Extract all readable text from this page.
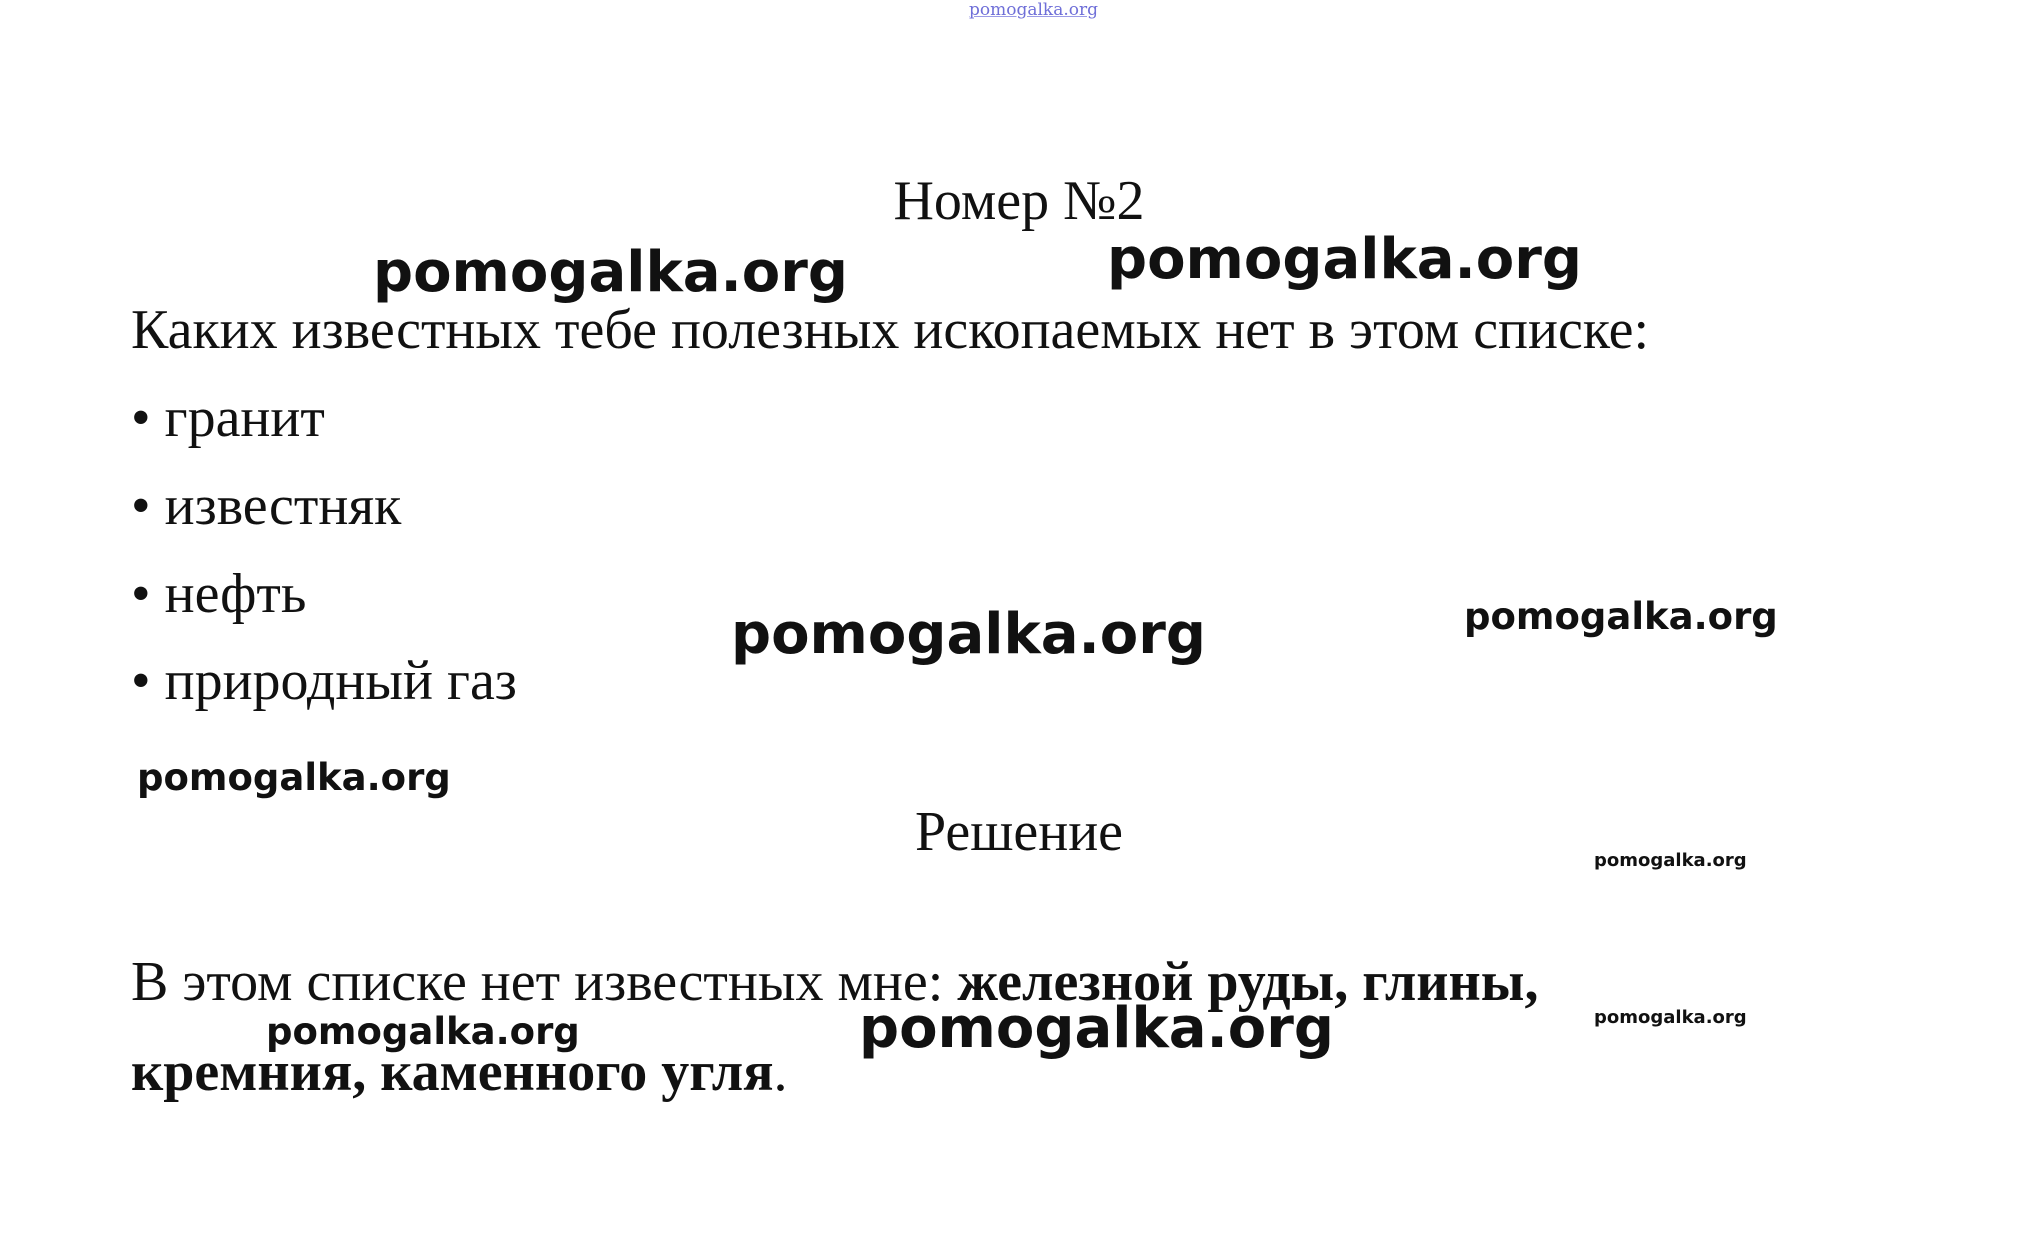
pomogalka.org
Номер №2
Каких известных тебе полезных ископаемых нет в этом списке:
• гранит
• известняк
• нефть
• природный газ
Решение
В этом списке нет известных мне: железной руды, глины,
кремния, каменного угля.
pomogalka.org	pomogalka.org
pomogalka.org	pomogalka.org
pomogalka.org
pomogalka.org
pomogalka.org	pomogalka.org	pomogalka.org
